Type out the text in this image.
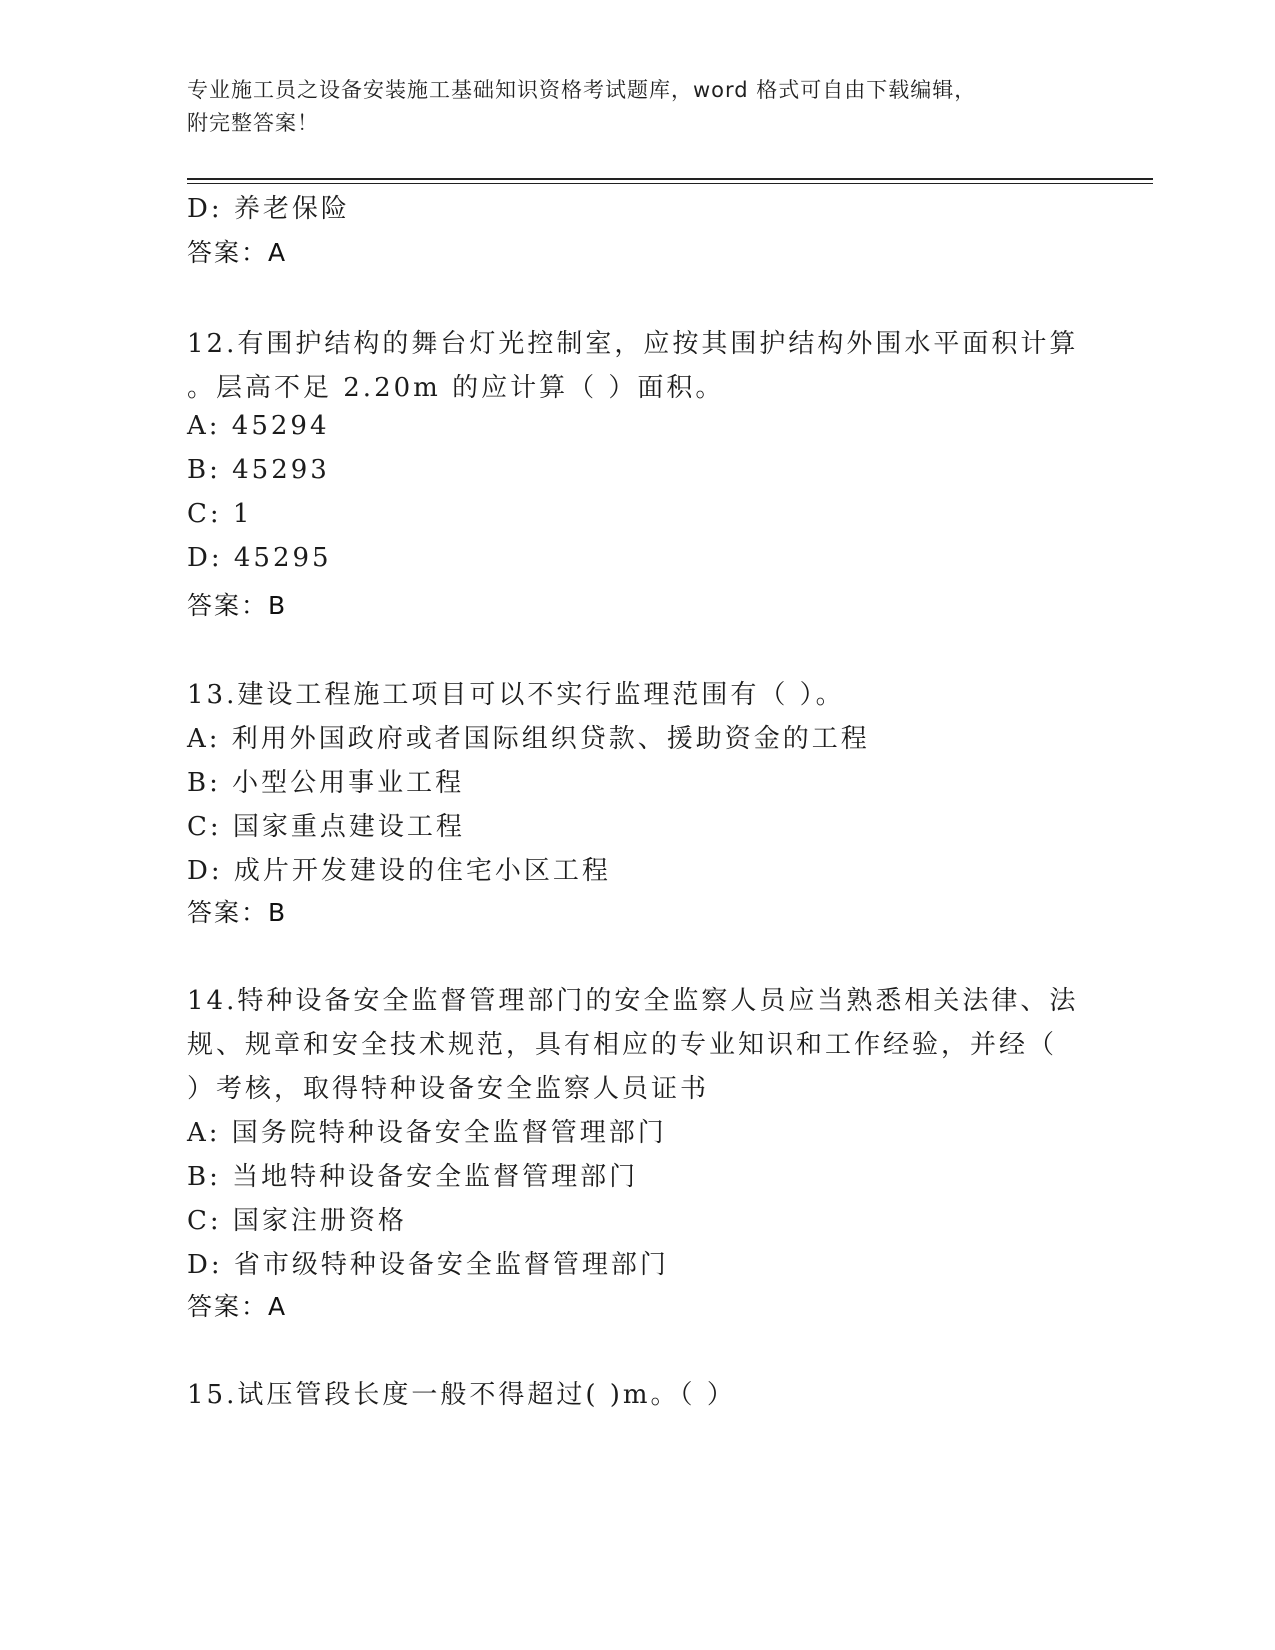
专业施工员之设备安装施工基础知识资格考试题库，word 格式可自由下载编辑，
附完整答案！
D: 养老保险
答案：A
12.有围护结构的舞台灯光控制室，应按其围护结构外围水平面积计算
。层高不足 2.20m 的应计算（ ）面积。
A: 45294
B: 45293
C: 1
D: 45295
答案：B
13.建设工程施工项目可以不实行监理范围有（ ）。
A: 利用外国政府或者国际组织贷款、援助资金的工程
B: 小型公用事业工程
C: 国家重点建设工程
D: 成片开发建设的住宅小区工程
答案：B
14.特种设备安全监督管理部门的安全监察人员应当熟悉相关法律、法
规、规章和安全技术规范，具有相应的专业知识和工作经验，并经（
）考核，取得特种设备安全监察人员证书
A: 国务院特种设备安全监督管理部门
B: 当地特种设备安全监督管理部门
C: 国家注册资格
D: 省市级特种设备安全监督管理部门
答案：A
15.试压管段长度一般不得超过( )m。（ ）
